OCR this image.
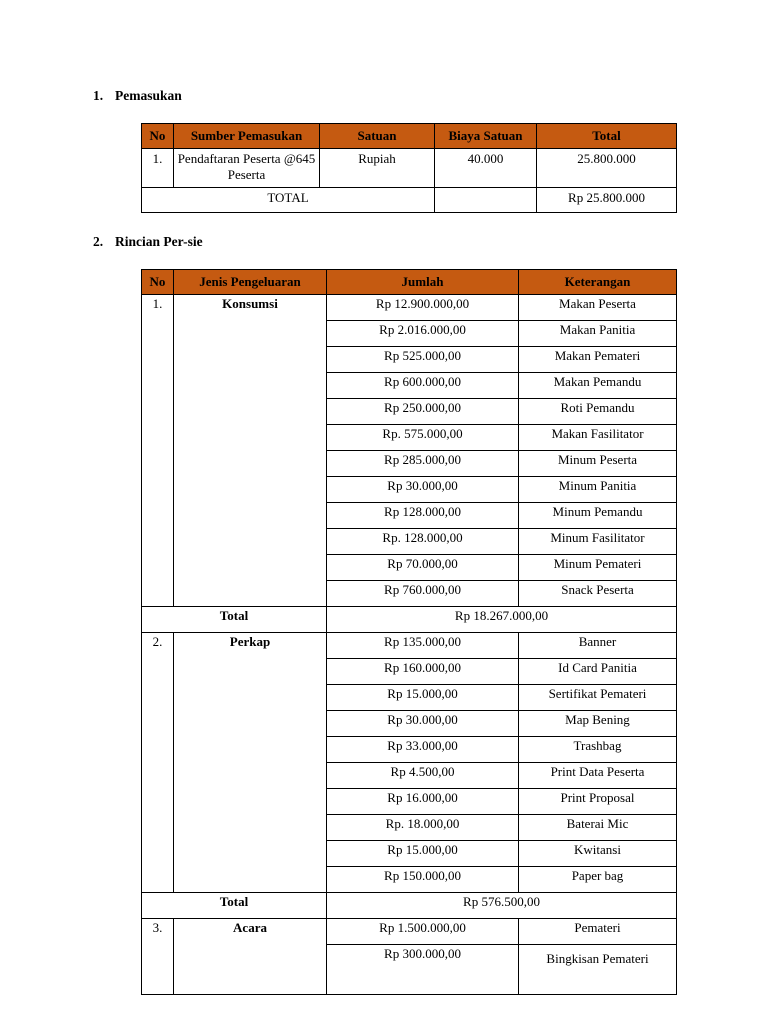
1. Pemasukan
No	Sumber Pemasukan	Satuan	Biaya Satuan	Total
1.	Pendaftaran Peserta @645 Peserta	Rupiah	40.000	25.800.000
TOTAL				Rp 25.800.000
2. Rincian Per-sie
No	Jenis Pengeluaran	Jumlah	Keterangan
1.	Konsumsi	Rp 12.900.000,00	Makan Peserta
		Rp 2.016.000,00	Makan Panitia
		Rp 525.000,00	Makan Pemateri
		Rp 600.000,00	Makan Pemandu
		Rp 250.000,00	Roti Pemandu
		Rp. 575.000,00	Makan Fasilitator
		Rp 285.000,00	Minum Peserta
		Rp 30.000,00	Minum Panitia
		Rp 128.000,00	Minum Pemandu
		Rp. 128.000,00	Minum Fasilitator
		Rp 70.000,00	Minum Pemateri
		Rp 760.000,00	Snack Peserta
Total		Rp 18.267.000,00	
2.	Perkap	Rp 135.000,00	Banner
		Rp 160.000,00	Id Card Panitia
		Rp 15.000,00	Sertifikat Pemateri
		Rp 30.000,00	Map Bening
		Rp 33.000,00	Trashbag
		Rp 4.500,00	Print Data Peserta
		Rp 16.000,00	Print Proposal
		Rp. 18.000,00	Baterai Mic
		Rp 15.000,00	Kwitansi
		Rp 150.000,00	Paper bag
Total		Rp 576.500,00	
3.	Acara	Rp 1.500.000,00	Pemateri
		Rp 300.000,00	Bingkisan Pemateri
